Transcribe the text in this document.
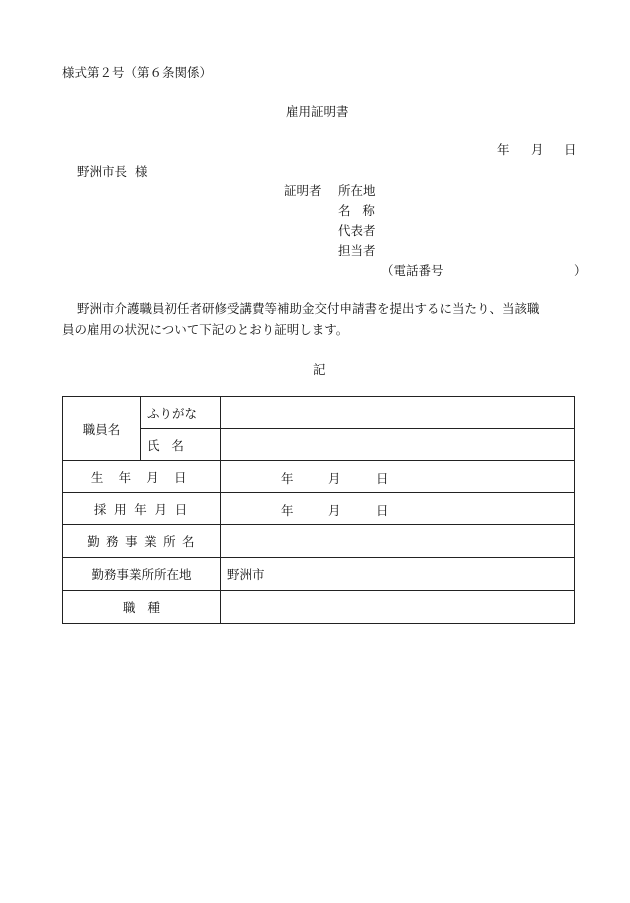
様式第２号（第６条関係）
雇用証明書
年 月 日
野洲市長  様
証明者 所在地
名   称
代表者
担当者
（電話番号	）
野洲市介護職員初任者研修受講費等補助金交付申請書を提出するに当たり、当該職
員の雇用の状況について下記のとおり証明します。
記
職員名	ふりがな	
	氏   名	
生 年 月 日		年 月 日

採 用 年 月 日		年 月 日

勤 務 事 業 所 名		
勤務事業所所在地		野洲市
職   種		
